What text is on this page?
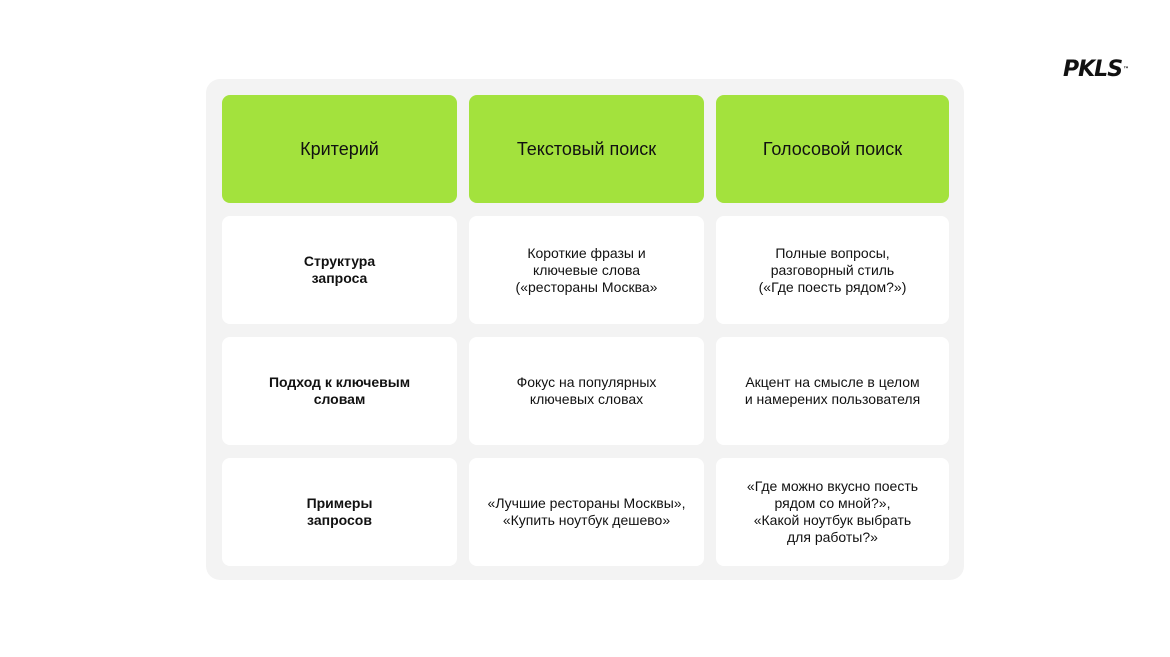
PKLS™
Критерий	Текстовый поиск	Голосовой поиск
Структура
запроса
Короткие фразы и
ключевые слова
(«рестораны Москва»
Полные вопросы,
разговорный стиль
(«Где поесть рядом?»)
Подход к ключевым
словам
Фокус на популярных
ключевых словах
Акцент на смысле в целом
и намерених пользователя
Примеры
запросов
«Лучшие рестораны Москвы»,
«Купить ноутбук дешево»
«Где можно вкусно поесть
рядом со мной?»,
«Какой ноутбук выбрать
для работы?»
